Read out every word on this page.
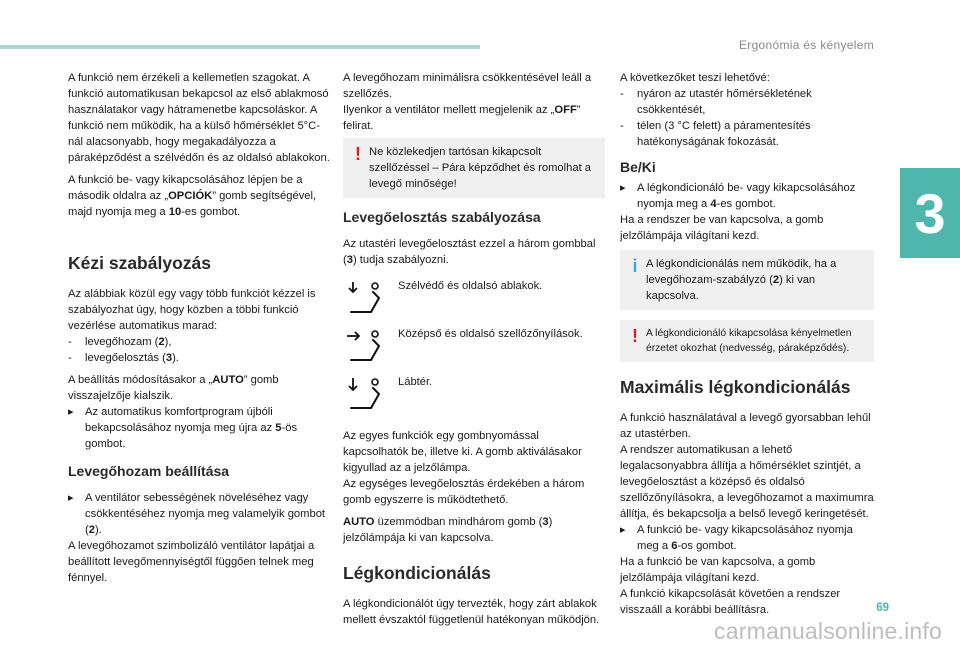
Ergonómia és kényelem
3

A funkció nem érzékeli a kellemetlen szagokat. A funkció automatikusan bekapcsol az első ablakmosó használatakor vagy hátramenetbe kapcsoláskor. A funkció nem működik, ha a külső hőmérséklet 5°C-nál alacsonyabb, hogy megakadályozza a páraképződést a szélvédőn és az oldalsó ablakokon.

A funkció be- vagy kikapcsolásához lépjen be a második oldalra az „OPCIÓK” gomb segítségével, majd nyomja meg a 10-es gombot.

Kézi szabályozás

Az alábbiak közül egy vagy több funkciót kézzel is szabályozhat úgy, hogy közben a többi funkció vezérlése automatikus marad:

-	levegőhozam (2),
-	levegőelosztás (3).

A beállítás módosításakor a „AUTO” gomb visszajelzője kialszik.

▸	Az automatikus komfortprogram újbóli bekapcsolásához nyomja meg újra az 5-ös gombot.
Levegőhozam beállítása
▸	A ventilátor sebességének növeléséhez vagy csökkentéséhez nyomja meg valamelyik gombot (2).

A levegőhozamot szimbolizáló ventilátor lapátjai a beállított levegőmennyiségtől függően telnek meg fénnyel.

A levegőhozam minimálisra csökkentésével leáll a szellőzés.

Ilyenkor a ventilátor mellett megjelenik az „OFF” felirat.

! Ne közlekedjen tartósan kikapcsolt szellőzéssel – Pára képződhet és romolhat a levegő minősége!
Levegőelosztás szabályozása

Az utastéri levegőelosztást ezzel a három gombbal (3) tudja szabályozni.

Szélvédő és oldalsó ablakok.
Középső és oldalsó szellőzőnyílások.
Lábtér.

Az egyes funkciók egy gombnyomással kapcsolhatók be, illetve ki. A gomb aktiválásakor kigyullad az a jelzőlámpa.

Az egységes levegőelosztás érdekében a három gomb egyszerre is működtethető.

AUTO üzemmódban mindhárom gomb (3) jelzőlámpája ki van kapcsolva.

Légkondicionálás

A légkondicionálót úgy tervezték, hogy zárt ablakok mellett évszaktól függetlenül hatékonyan működjön.

A következőket teszi lehetővé:

-	nyáron az utastér hőmérsékletének csökkentését,
-	télen (3 °C felett) a páramentesítés hatékonyságának fokozását.
Be/Ki
▸	A légkondicionáló be- vagy kikapcsolásához nyomja meg a 4-es gombot.

Ha a rendszer be van kapcsolva, a gomb jelzőlámpája világítani kezd.

i A légkondicionálás nem működik, ha a levegőhozam-szabályzó (2) ki van kapcsolva.
! A légkondicionáló kikapcsolása kényelmetlen érzetet okozhat (nedvesség, páraképződés).
Maximális légkondicionálás

A funkció használatával a levegő gyorsabban lehűl az utastérben.

A rendszer automatikusan a lehető legalacsonyabbra állítja a hőmérséklet szintjét, a levegőelosztást a középső és oldalsó szellőzőnyílásokra, a levegőhozamot a maximumra állítja, és bekapcsolja a belső levegő keringetését.

▸	A funkció be- vagy kikapcsolásához nyomja meg a 6-os gombot.

Ha a funkció be van kapcsolva, a gomb jelzőlámpája világítani kezd.

A funkció kikapcsolását követően a rendszer visszaáll a korábbi beállításra.	69
carmanualsonline.info
